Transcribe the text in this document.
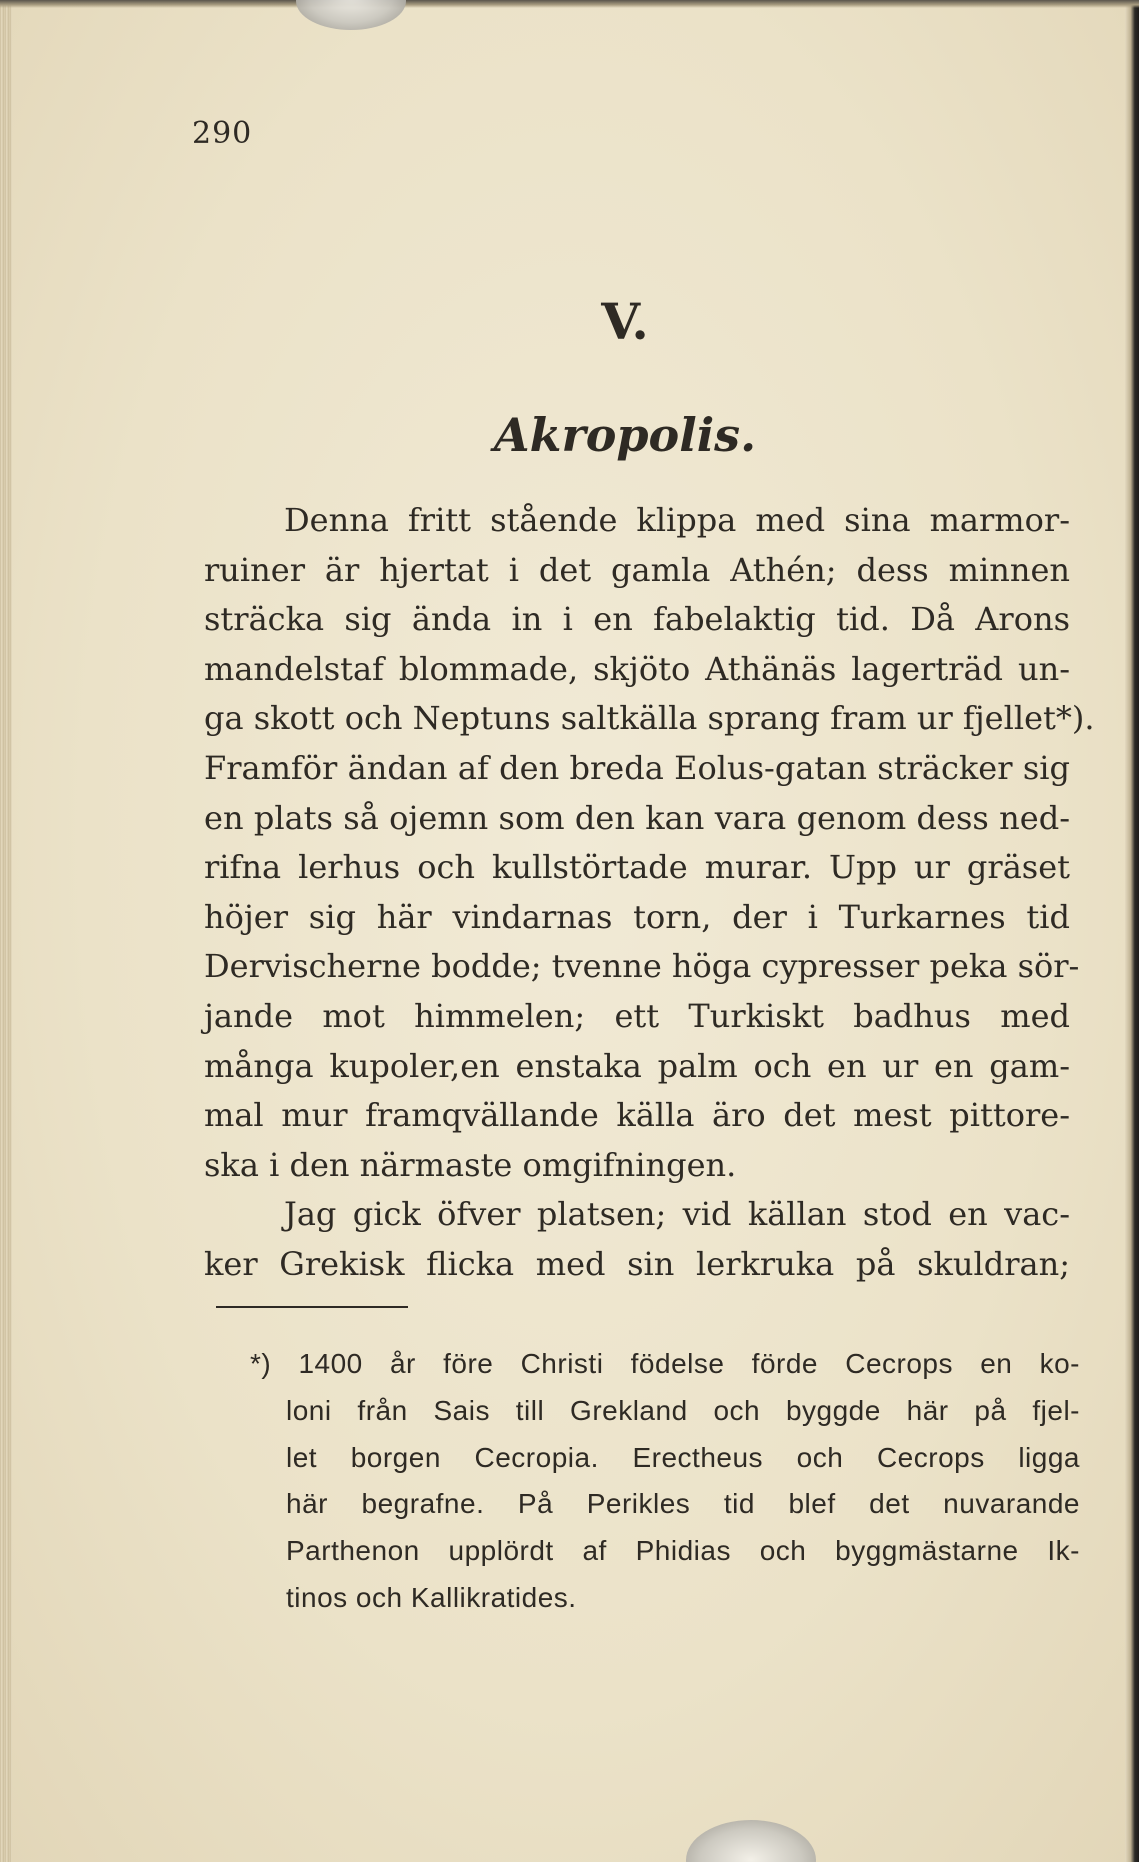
290
V.
Akropolis.
Denna fritt stående klippa med sina marmor-
ruiner är hjertat i det gamla Athén; dess minnen
sträcka sig ända in i en fabelaktig tid. Då Arons
mandelstaf blommade, skjöto Athänäs lagerträd un-
ga skott och Neptuns saltkälla sprang fram ur fjellet*).
Framför ändan af den breda Eolus-gatan sträcker sig
en plats så ojemn som den kan vara genom dess ned-
rifna lerhus och kullstörtade murar. Upp ur gräset
höjer sig här vindarnas torn, der i Turkarnes tid
Dervischerne bodde; tvenne höga cypresser peka sör-
jande mot himmelen; ett Turkiskt badhus med
många kupoler,en enstaka palm och en ur en gam-
mal mur framqvällande källa äro det mest pittore-
ska i den närmaste omgifningen.
Jag gick öfver platsen; vid källan stod en vac-
ker Grekisk flicka med sin lerkruka på skuldran;
*) 1400 år före Christi födelse förde Cecrops en ko-
loni från Sais till Grekland och byggde här på fjel-
let borgen Cecropia. Erectheus och Cecrops ligga
här begrafne. På Perikles tid blef det nuvarande
Parthenon upplördt af Phidias och byggmästarne Ik-
tinos och Kallikratides.
